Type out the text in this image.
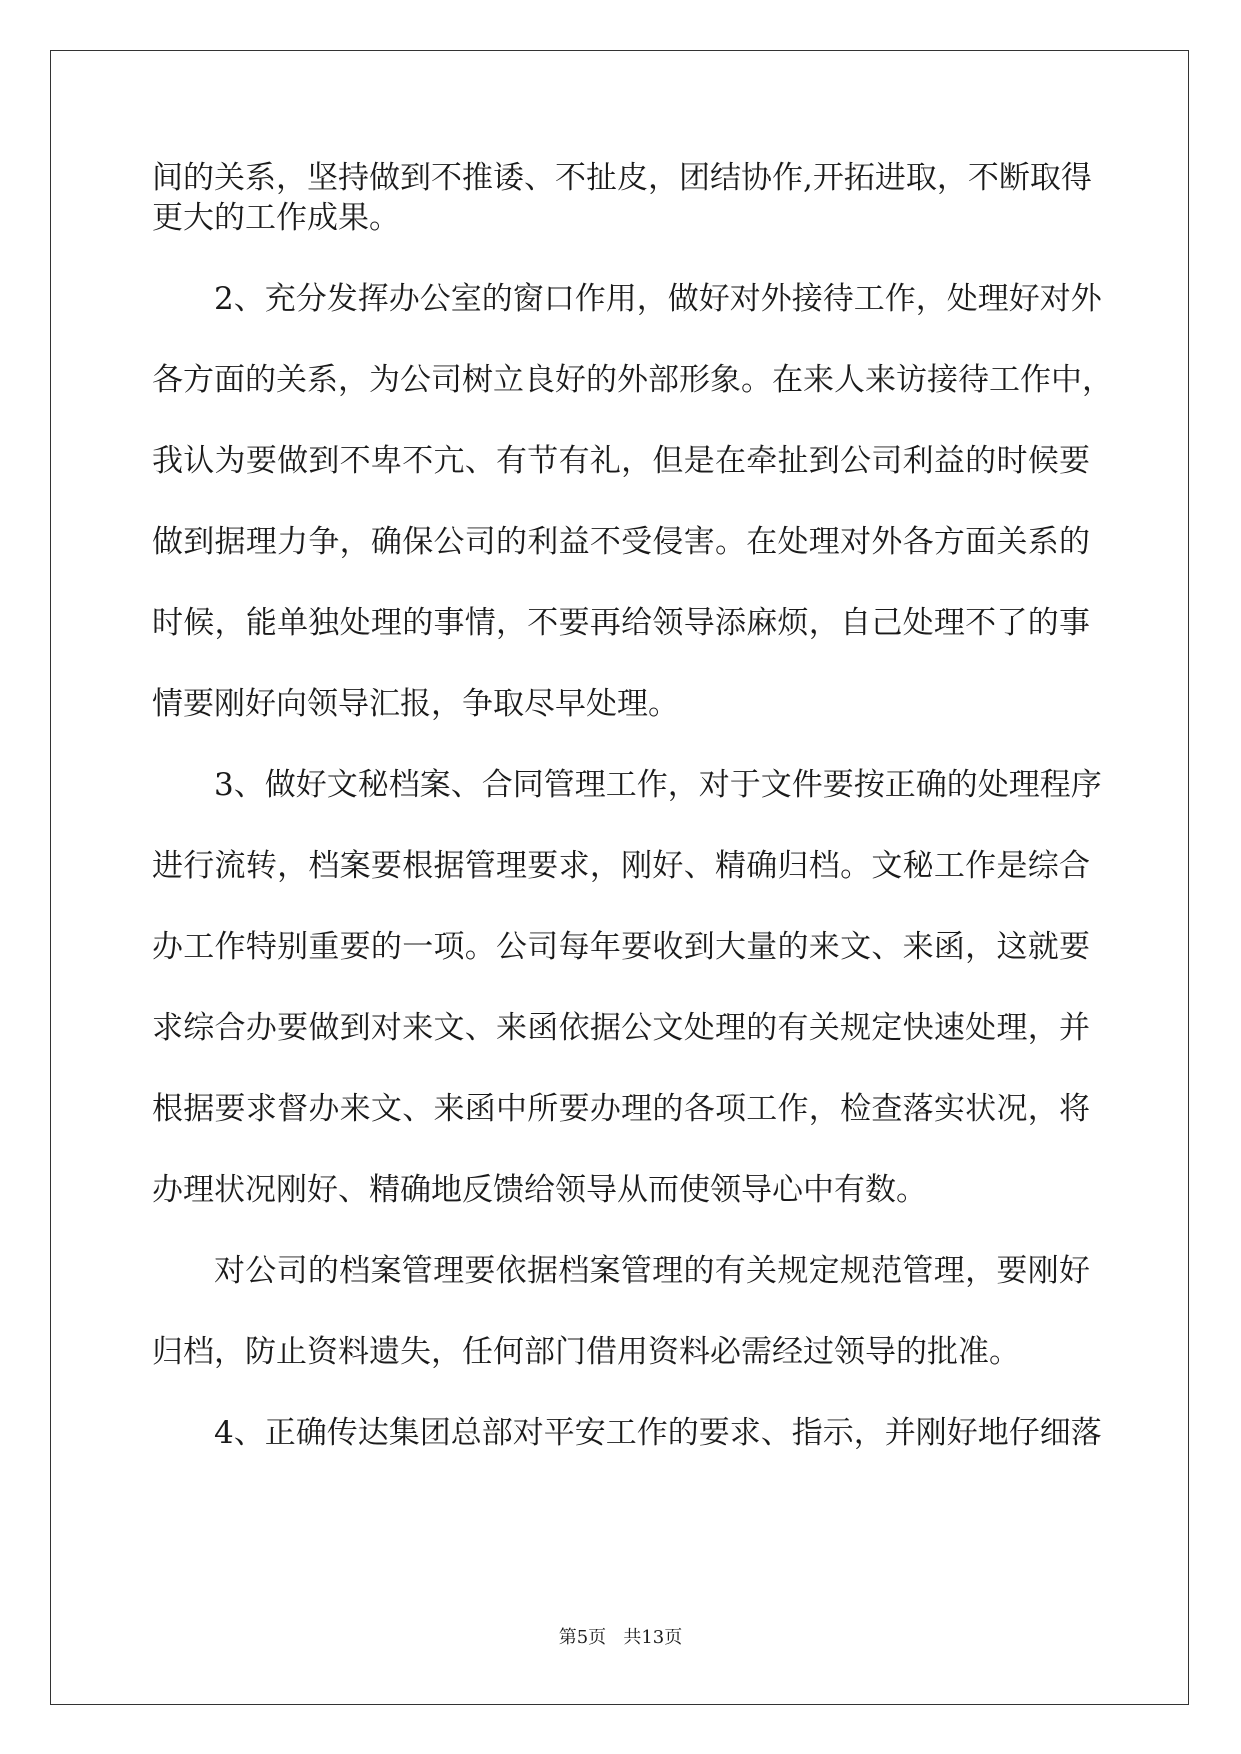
间的关系，坚持做到不推诿、不扯皮，团结协作,开拓进取，不断取得
更大的工作成果。
2、充分发挥办公室的窗口作用，做好对外接待工作，处理好对外
各方面的关系，为公司树立良好的外部形象。在来人来访接待工作中，
我认为要做到不卑不亢、有节有礼，但是在牵扯到公司利益的时候要
做到据理力争，确保公司的利益不受侵害。在处理对外各方面关系的
时候，能单独处理的事情，不要再给领导添麻烦，自己处理不了的事
情要刚好向领导汇报，争取尽早处理。
3、做好文秘档案、合同管理工作，对于文件要按正确的处理程序
进行流转，档案要根据管理要求，刚好、精确归档。文秘工作是综合
办工作特别重要的一项。公司每年要收到大量的来文、来函，这就要
求综合办要做到对来文、来函依据公文处理的有关规定快速处理，并
根据要求督办来文、来函中所要办理的各项工作，检查落实状况，将
办理状况刚好、精确地反馈给领导从而使领导心中有数。
对公司的档案管理要依据档案管理的有关规定规范管理，要刚好
归档，防止资料遗失，任何部门借用资料必需经过领导的批准。
4、正确传达集团总部对平安工作的要求、指示，并刚好地仔细落
第5页 共13页
